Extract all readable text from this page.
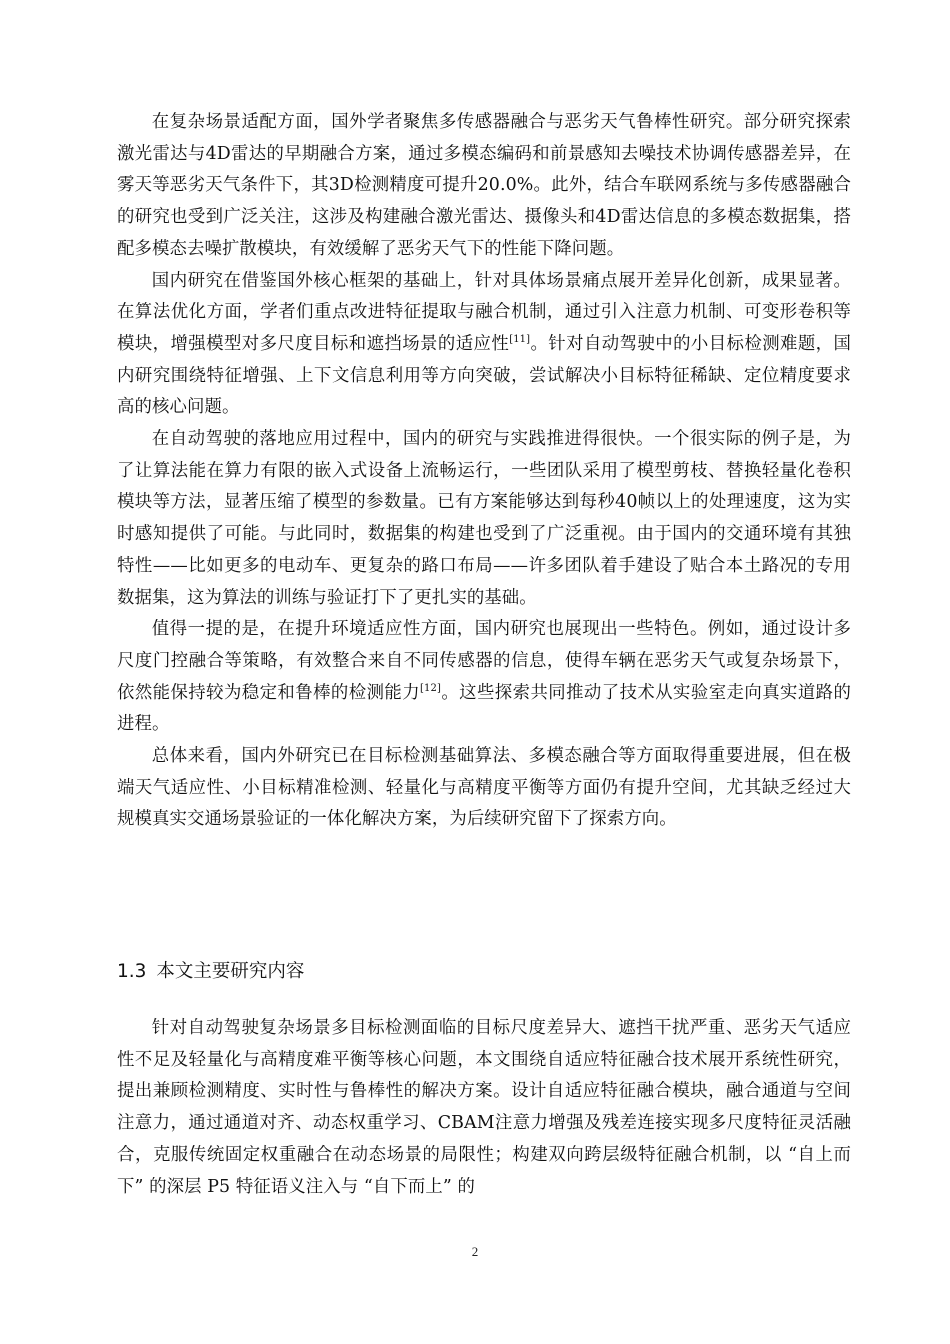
在复杂场景适配方面，国外学者聚焦多传感器融合与恶劣天气鲁棒性研究。部分研究探索激光雷达与4D雷达的早期融合方案，通过多模态编码和前景感知去噪技术协调传感器差异，在雾天等恶劣天气条件下，其3D检测精度可提升20.0%。此外，结合车联网系统与多传感器融合的研究也受到广泛关注，这涉及构建融合激光雷达、摄像头和4D雷达信息的多模态数据集，搭配多模态去噪扩散模块，有效缓解了恶劣天气下的性能下降问题。

国内研究在借鉴国外核心框架的基础上，针对具体场景痛点展开差异化创新，成果显著。在算法优化方面，学者们重点改进特征提取与融合机制，通过引入注意力机制、可变形卷积等模块，增强模型对多尺度目标和遮挡场景的适应性[11]。针对自动驾驶中的小目标检测难题，国内研究围绕特征增强、上下文信息利用等方向突破，尝试解决小目标特征稀缺、定位精度要求高的核心问题。

在自动驾驶的落地应用过程中，国内的研究与实践推进得很快。一个很实际的例子是，为了让算法能在算力有限的嵌入式设备上流畅运行，一些团队采用了模型剪枝、替换轻量化卷积模块等方法，显著压缩了模型的参数量。已有方案能够达到每秒40帧以上的处理速度，这为实时感知提供了可能。与此同时，数据集的构建也受到了广泛重视。由于国内的交通环境有其独特性——比如更多的电动车、更复杂的路口布局——许多团队着手建设了贴合本土路况的专用数据集，这为算法的训练与验证打下了更扎实的基础。

值得一提的是，在提升环境适应性方面，国内研究也展现出一些特色。例如，通过设计多尺度门控融合等策略，有效整合来自不同传感器的信息，使得车辆在恶劣天气或复杂场景下，依然能保持较为稳定和鲁棒的检测能力[12]。这些探索共同推动了技术从实验室走向真实道路的进程。

总体来看，国内外研究已在目标检测基础算法、多模态融合等方面取得重要进展，但在极端天气适应性、小目标精准检测、轻量化与高精度平衡等方面仍有提升空间，尤其缺乏经过大规模真实交通场景验证的一体化解决方案，为后续研究留下了探索方向。

1.3 本文主要研究内容

针对自动驾驶复杂场景多目标检测面临的目标尺度差异大、遮挡干扰严重、恶劣天气适应性不足及轻量化与高精度难平衡等核心问题，本文围绕自适应特征融合技术展开系统性研究，提出兼顾检测精度、实时性与鲁棒性的解决方案。设计自适应特征融合模块，融合通道与空间注意力，通过通道对齐、动态权重学习、CBAM注意力增强及残差连接实现多尺度特征灵活融合，克服传统固定权重融合在动态场景的局限性；构建双向跨层级特征融合机制，以 “自上而下” 的深层 P5 特征语义注入与 “自下而上” 的

2
